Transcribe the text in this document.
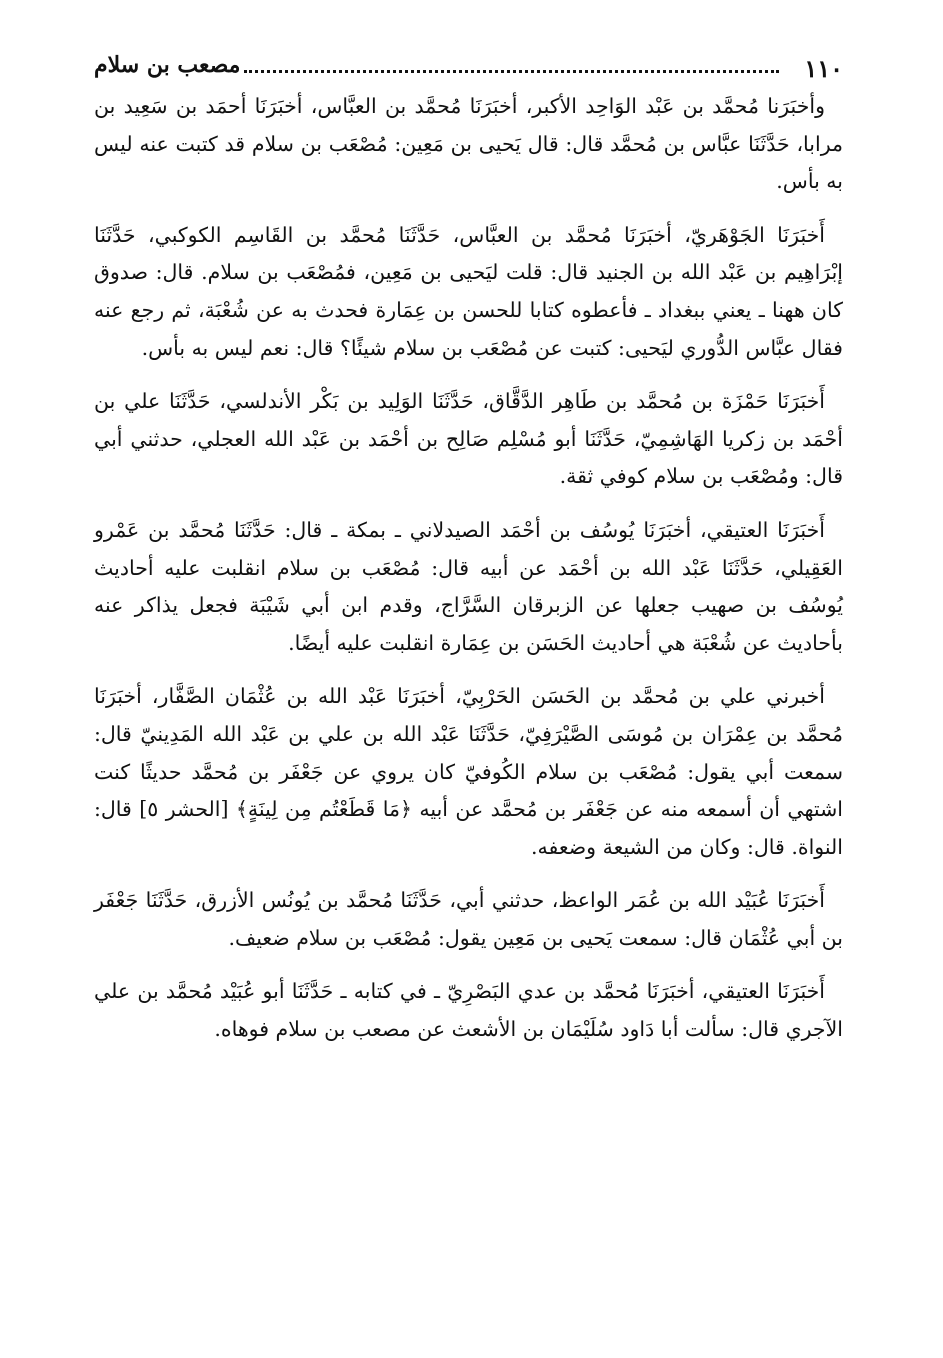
١١٠
مصعب بن سلام

وأخبَرَنا مُحمَّد بن عَبْد الوَاحِد الأكبر، أخبَرَنَا مُحمَّد بن العبَّاس، أخبَرَنَا أحمَد بن سَعِيد بن مرابا، حَدَّثَنَا عبَّاس بن مُحمَّد قال: قال يَحيى بن مَعِين: مُصْعَب بن سلام قد كتبت عنه ليس به بأس.

أَخبَرَنَا الجَوْهَريّ، أخبَرَنَا مُحمَّد بن العبَّاس، حَدَّثَنَا مُحمَّد بن القَاسِم الكوكبي، حَدَّثَنَا إبْرَاهِيم بن عَبْد الله بن الجنيد قال: قلت ليَحيى بن مَعِين، فمُصْعَب بن سلام. قال: صدوق كان ههنا ـ يعني ببغداد ـ فأعطوه كتابا للحسن بن عِمَارة فحدث به عن شُعْبَة، ثم رجع عنه فقال عبَّاس الدُّوري ليَحيى: كتبت عن مُصْعَب بن سلام شيئًا؟ قال: نعم ليس به بأس.

أَخبَرَنَا حَمْزَة بن مُحمَّد بن طَاهِر الدَّقَّاق، حَدَّثَنَا الوَلِيد بن بَكْر الأندلسي، حَدَّثَنَا علي بن أحْمَد بن زكريا الهَاشِمِيّ، حَدَّثَنَا أبو مُسْلِم صَالِح بن أحْمَد بن عَبْد الله العجلي، حدثني أبي قال: ومُصْعَب بن سلام كوفي ثقة.

أَخبَرَنَا العتيقي، أخبَرَنَا يُوسُف بن أحْمَد الصيدلاني ـ بمكة ـ قال: حَدَّثَنَا مُحمَّد بن عَمْرو العَقِيلي، حَدَّثَنَا عَبْد الله بن أحْمَد عن أبيه قال: مُصْعَب بن سلام انقلبت عليه أحاديث يُوسُف بن صهيب جعلها عن الزبرقان السَّرَّاج، وقدم ابن أبي شَيْبَة فجعل يذاكر عنه بأحاديث عن شُعْبَة هي أحاديث الحَسَن بن عِمَارة انقلبت عليه أيضًا.

أخبرني علي بن مُحمَّد بن الحَسَن الحَرْبِيّ، أخبَرَنَا عَبْد الله بن عُثْمَان الصَّفَّار، أخبَرَنَا مُحمَّد بن عِمْرَان بن مُوسَى الصَّيْرَفِيّ، حَدَّثَنَا عَبْد الله بن علي بن عَبْد الله المَدِينيّ قال: سمعت أبي يقول: مُصْعَب بن سلام الكُوفيّ كان يروي عن جَعْفَر بن مُحمَّد حديثًا كنت اشتهي أن أسمعه منه عن جَعْفَر بن مُحمَّد عن أبيه ﴿مَا قَطَعْتُم مِن لِينَةٍ﴾ [الحشر ٥] قال: النواة. قال: وكان من الشيعة وضعفه.

أَخبَرَنَا عُبَيْد الله بن عُمَر الواعظ، حدثني أبي، حَدَّثَنَا مُحمَّد بن يُونُس الأزرق، حَدَّثَنَا جَعْفَر بن أبي عُثْمَان قال: سمعت يَحيى بن مَعِين يقول: مُصْعَب بن سلام ضعيف.

أَخبَرَنَا العتيقي، أخبَرَنَا مُحمَّد بن عدي البَصْرِيّ ـ في كتابه ـ حَدَّثَنَا أبو عُبَيْد مُحمَّد بن علي الآجري قال: سألت أبا دَاود سُلَيْمَان بن الأشعث عن مصعب بن سلام فوهاه.
